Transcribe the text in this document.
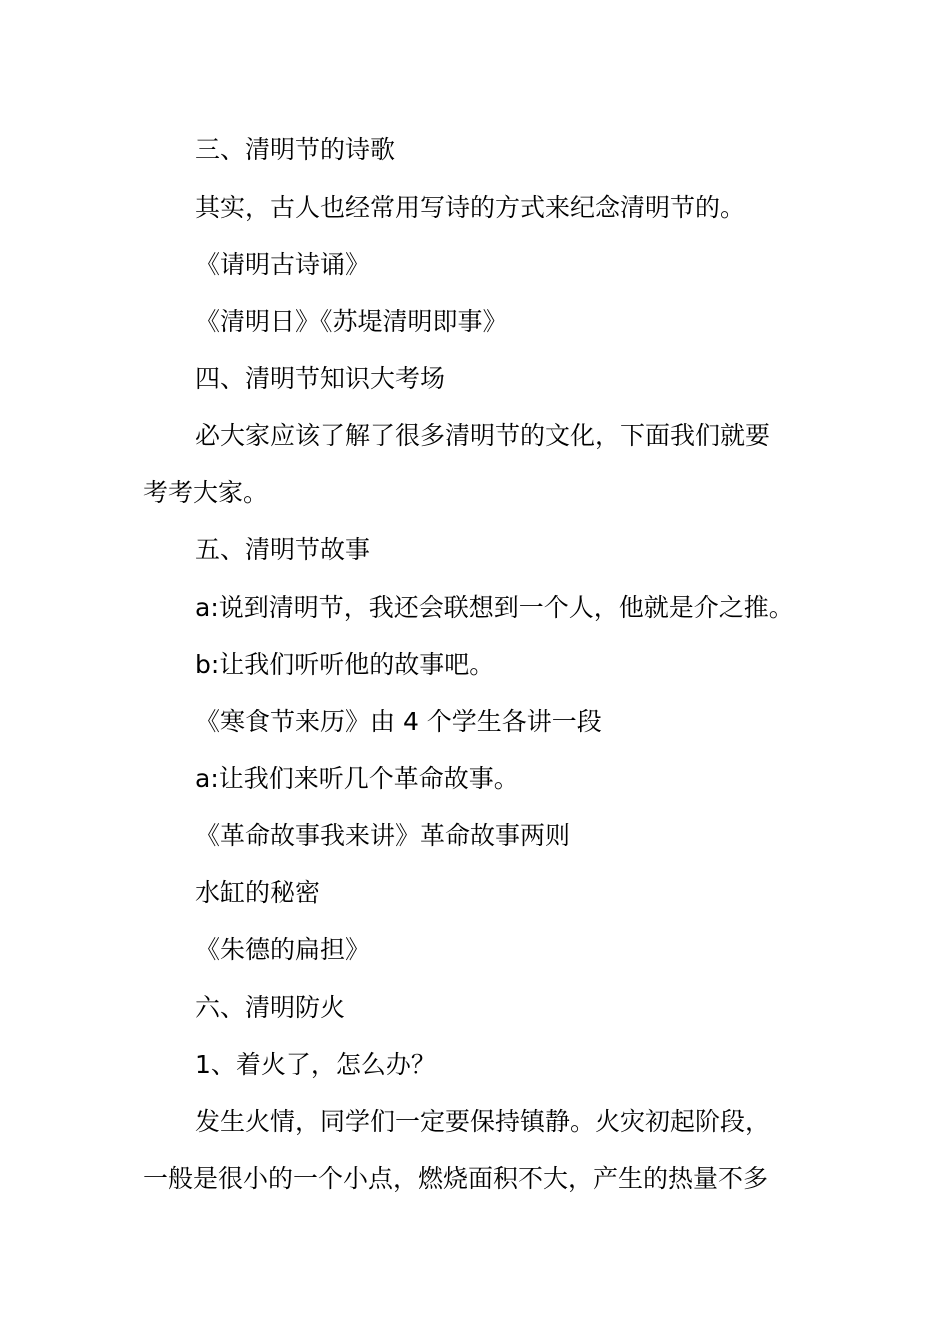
三、清明节的诗歌
其实，古人也经常用写诗的方式来纪念清明节的。
《请明古诗诵》
《清明日》《苏堤清明即事》
四、清明节知识大考场
必大家应该了解了很多清明节的文化，下面我们就要
考考大家。
五、清明节故事
a:说到清明节，我还会联想到一个人，他就是介之推。
b:让我们听听他的故事吧。
《寒食节来历》由 4 个学生各讲一段
a:让我们来听几个革命故事。
《革命故事我来讲》革命故事两则
水缸的秘密
《朱德的扁担》
六、清明防火
1、着火了，怎么办？
发生火情，同学们一定要保持镇静。火灾初起阶段，
一般是很小的一个小点，燃烧面积不大，产生的热量不多
